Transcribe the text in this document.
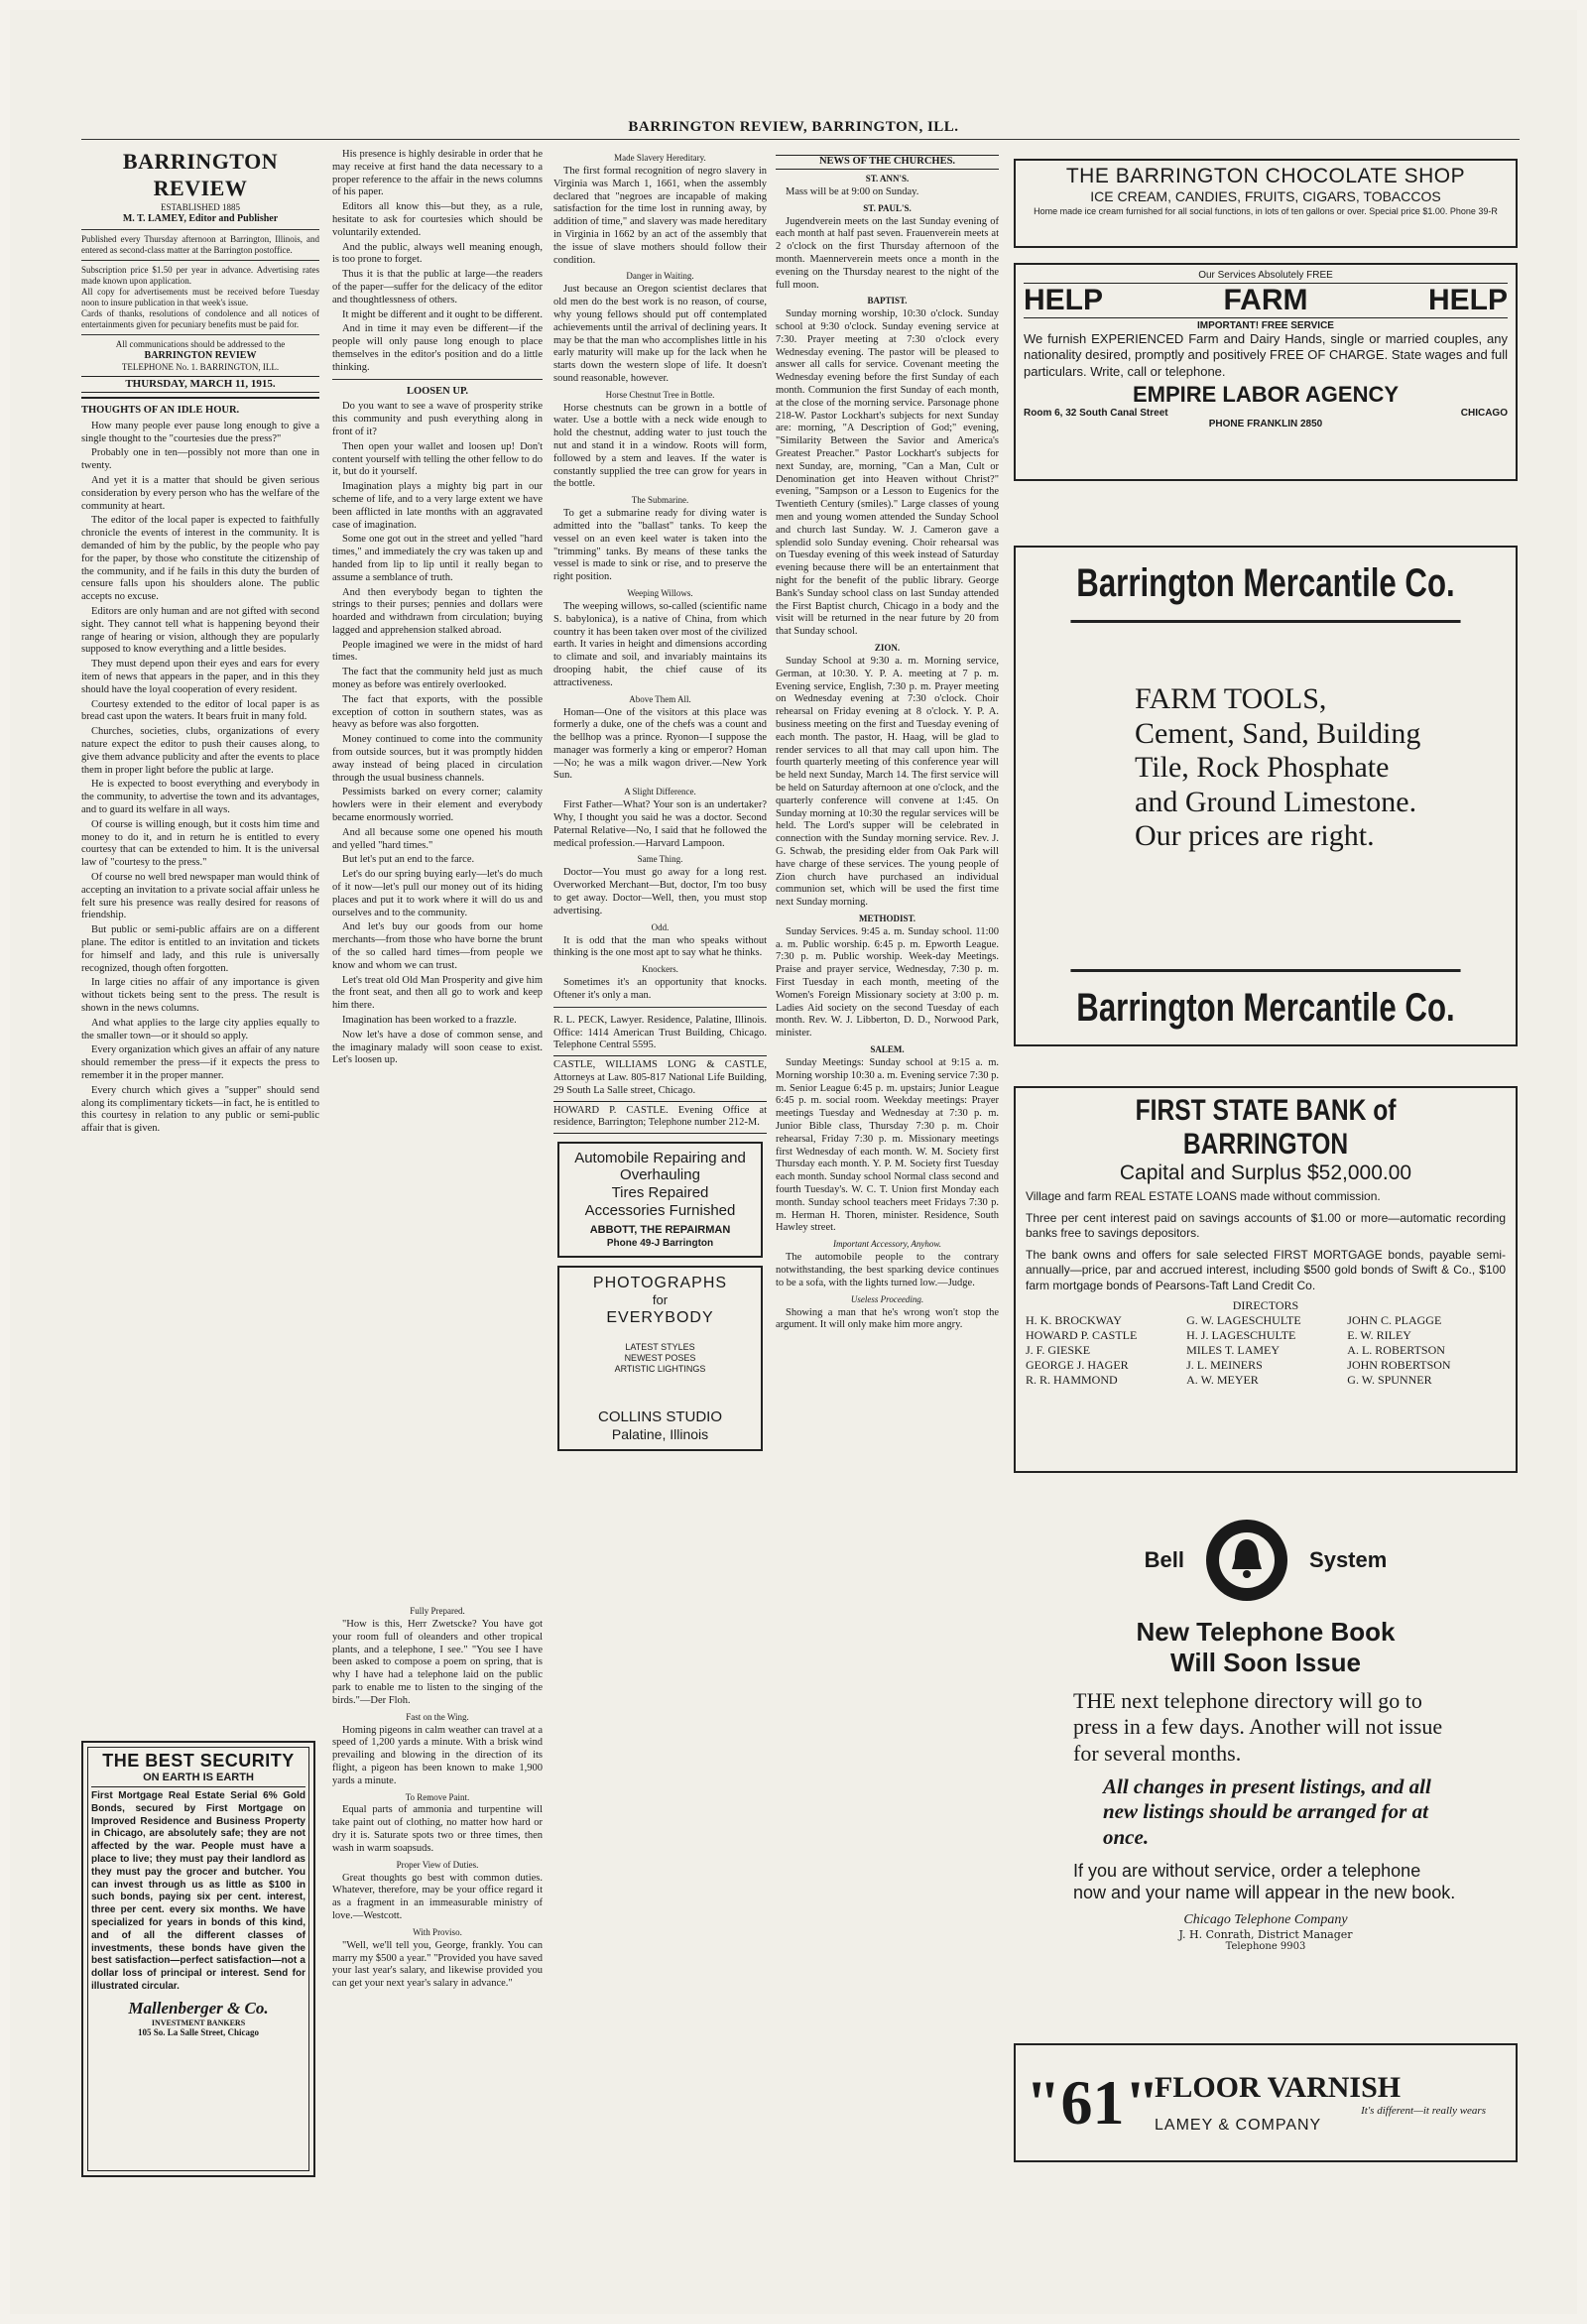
BARRINGTON REVIEW, BARRINGTON, ILL.
BARRINGTON REVIEW
ESTABLISHED 1885
M. T. LAMEY, Editor and Publisher
Published every Thursday afternoon at Barrington, Illinois, and entered as second-class matter at the Barrington postoffice.
Subscription price $1.50 per year in advance. Advertising rates made known upon application.
All copy for advertisements must be received before Tuesday noon to insure publication in that week's issue.
Cards of thanks, resolutions of condolence and all notices of entertainments given for pecuniary benefits must be paid for.
All communications should be addressed to the
BARRINGTON REVIEW
TELEPHONE No. 1. BARRINGTON, ILL.
THURSDAY, MARCH 11, 1915.
THOUGHTS OF AN IDLE HOUR.

How many people ever pause long enough to give a single thought to the "courtesies due the press?"

Probably one in ten—possibly not more than one in twenty.

And yet it is a matter that should be given serious consideration by every person who has the welfare of the community at heart.

The editor of the local paper is expected to faithfully chronicle the events of interest in the community. It is demanded of him by the public, by the people who pay for the paper, by those who constitute the citizenship of the community, and if he fails in this duty the burden of censure falls upon his shoulders alone. The public accepts no excuse.

Editors are only human and are not gifted with second sight. They cannot tell what is happening beyond their range of hearing or vision, although they are popularly supposed to know everything and a little besides.

They must depend upon their eyes and ears for every item of news that appears in the paper, and in this they should have the loyal cooperation of every resident.

Courtesy extended to the editor of local paper is as bread cast upon the waters. It bears fruit in many fold.

Churches, societies, clubs, organizations of every nature expect the editor to push their causes along, to give them advance publicity and after the events to place them in proper light before the public at large.

He is expected to boost everything and everybody in the community, to advertise the town and its advantages, and to guard its welfare in all ways.

Of course is willing enough, but it costs him time and money to do it, and in return he is entitled to every courtesy that can be extended to him. It is the universal law of "courtesy to the press."

Of course no well bred newspaper man would think of accepting an invitation to a private social affair unless he felt sure his presence was really desired for reasons of friendship.

But public or semi-public affairs are on a different plane. The editor is entitled to an invitation and tickets for himself and lady, and this rule is universally recognized, though often forgotten.

In large cities no affair of any importance is given without tickets being sent to the press. The result is shown in the news columns.

And what applies to the large city applies equally to the smaller town—or it should so apply.

Every organization which gives an affair of any nature should remember the press—if it expects the press to remember it in the proper manner.

Every church which gives a "supper" should send along its complimentary tickets—in fact, he is entitled to this courtesy in relation to any public or semi-public affair that is given.

THE BEST SECURITY
ON EARTH IS EARTH
First Mortgage Real Estate Serial 6% Gold Bonds, secured by First Mortgage on Improved Residence and Business Property in Chicago, are absolutely safe; they are not affected by the war. People must have a place to live; they must pay their landlord as they must pay the grocer and butcher. You can invest through us as little as $100 in such bonds, paying six per cent. interest, three per cent. every six months. We have specialized for years in bonds of this kind, and of all the different classes of investments, these bonds have given the best satisfaction—perfect satisfaction—not a dollar loss of principal or interest. Send for illustrated circular.
Mallenberger & Co.
INVESTMENT BANKERS
105 So. La Salle Street, Chicago

His presence is highly desirable in order that he may receive at first hand the data necessary to a proper reference to the affair in the news columns of his paper.

Editors all know this—but they, as a rule, hesitate to ask for courtesies which should be voluntarily extended.

And the public, always well meaning enough, is too prone to forget.

Thus it is that the public at large—the readers of the paper—suffer for the delicacy of the editor and thoughtlessness of others.

It might be different and it ought to be different.

And in time it may even be different—if the people will only pause long enough to place themselves in the editor's position and do a little thinking.

LOOSEN UP.

Do you want to see a wave of prosperity strike this community and push everything along in front of it?

Then open your wallet and loosen up! Don't content yourself with telling the other fellow to do it, but do it yourself.

Imagination plays a mighty big part in our scheme of life, and to a very large extent we have been afflicted in late months with an aggravated case of imagination.

Some one got out in the street and yelled "hard times," and immediately the cry was taken up and handed from lip to lip until it really began to assume a semblance of truth.

And then everybody began to tighten the strings to their purses; pennies and dollars were hoarded and withdrawn from circulation; buying lagged and apprehension stalked abroad.

People imagined we were in the midst of hard times.

The fact that the community held just as much money as before was entirely overlooked.

The fact that exports, with the possible exception of cotton in southern states, was as heavy as before was also forgotten.

Money continued to come into the community from outside sources, but it was promptly hidden away instead of being placed in circulation through the usual business channels.

Pessimists barked on every corner; calamity howlers were in their element and everybody became enormously worried.

And all because some one opened his mouth and yelled "hard times."

But let's put an end to the farce.

Let's do our spring buying early—let's do much of it now—let's pull our money out of its hiding places and put it to work where it will do us and ourselves and to the community.

And let's buy our goods from our home merchants—from those who have borne the brunt of the so called hard times—from people we know and whom we can trust.

Let's treat old Old Man Prosperity and give him the front seat, and then all go to work and keep him there.

Imagination has been worked to a frazzle.

Now let's have a dose of common sense, and the imaginary malady will soon cease to exist. Let's loosen up.

Made Slavery Hereditary.

The first formal recognition of negro slavery in Virginia was March 1, 1661, when the assembly declared that "negroes are incapable of making satisfaction for the time lost in running away, by addition of time," and slavery was made hereditary in Virginia in 1662 by an act of the assembly that the issue of slave mothers should follow their condition.

Danger in Waiting.

Just because an Oregon scientist declares that old men do the best work is no reason, of course, why young fellows should put off contemplated achievements until the arrival of declining years. It may be that the man who accomplishes little in his early maturity will make up for the lack when he starts down the western slope of life. It doesn't sound reasonable, however.

Horse Chestnut Tree in Bottle.

Horse chestnuts can be grown in a bottle of water. Use a bottle with a neck wide enough to hold the chestnut, adding water to just touch the nut and stand it in a window. Roots will form, followed by a stem and leaves. If the water is constantly supplied the tree can grow for years in the bottle.

The Submarine.

To get a submarine ready for diving water is admitted into the "ballast" tanks. To keep the vessel on an even keel water is taken into the "trimming" tanks. By means of these tanks the vessel is made to sink or rise, and to preserve the right position.

Weeping Willows.

The weeping willows, so-called (scientific name S. babylonica), is a native of China, from which country it has been taken over most of the civilized earth. It varies in height and dimensions according to climate and soil, and invariably maintains its drooping habit, the chief cause of its attractiveness.

Above Them All.

Homan—One of the visitors at this place was formerly a duke, one of the chefs was a count and the bellhop was a prince. Ryonon—I suppose the manager was formerly a king or emperor? Homan—No; he was a milk wagon driver.—New York Sun.

A Slight Difference.

First Father—What? Your son is an undertaker? Why, I thought you said he was a doctor. Second Paternal Relative—No, I said that he followed the medical profession.—Harvard Lampoon.

Same Thing.

Doctor—You must go away for a long rest. Overworked Merchant—But, doctor, I'm too busy to get away. Doctor—Well, then, you must stop advertising.

Odd.

It is odd that the man who speaks without thinking is the one most apt to say what he thinks.

Knockers.

Sometimes it's an opportunity that knocks. Oftener it's only a man.

R. L. PECK, Lawyer. Residence, Palatine, Illinois. Office: 1414 American Trust Building, Chicago. Telephone Central 5595.
CASTLE, WILLIAMS LONG & CASTLE, Attorneys at Law. 805-817 National Life Building, 29 South La Salle street, Chicago.
HOWARD P. CASTLE. Evening Office at residence, Barrington; Telephone number 212-M.
Automobile Repairing and Overhauling
Tires Repaired
Accessories Furnished
ABBOTT, THE REPAIRMAN
Phone 49-J Barrington
PHOTOGRAPHS
for
EVERYBODY
LATEST STYLES
NEWEST POSES
ARTISTIC LIGHTINGS
COLLINS STUDIO
Palatine, Illinois
Fully Prepared.

"How is this, Herr Zwetscke? You have got your room full of oleanders and other tropical plants, and a telephone, I see." "You see I have been asked to compose a poem on spring, that is why I have had a telephone laid on the public park to enable me to listen to the singing of the birds."—Der Floh.

Fast on the Wing.

Homing pigeons in calm weather can travel at a speed of 1,200 yards a minute. With a brisk wind prevailing and blowing in the direction of its flight, a pigeon has been known to make 1,900 yards a minute.

To Remove Paint.

Equal parts of ammonia and turpentine will take paint out of clothing, no matter how hard or dry it is. Saturate spots two or three times, then wash in warm soapsuds.

Proper View of Duties.

Great thoughts go best with common duties. Whatever, therefore, may be your office regard it as a fragment in an immeasurable ministry of love.—Westcott.

With Proviso.

"Well, we'll tell you, George, frankly. You can marry my $500 a year." "Provided you have saved your last year's salary, and likewise provided you can get your next year's salary in advance."

NEWS OF THE CHURCHES.
ST. ANN'S.

Mass will be at 9:00 on Sunday.

ST. PAUL'S.

Jugendverein meets on the last Sunday evening of each month at half past seven. Frauenverein meets at 2 o'clock on the first Thursday afternoon of the month. Maennerverein meets once a month in the evening on the Thursday nearest to the night of the full moon.

BAPTIST.

Sunday morning worship, 10:30 o'clock. Sunday school at 9:30 o'clock. Sunday evening service at 7:30. Prayer meeting at 7:30 o'clock every Wednesday evening. The pastor will be pleased to answer all calls for service. Covenant meeting the Wednesday evening before the first Sunday of each month. Communion the first Sunday of each month, at the close of the morning service. Parsonage phone 218-W. Pastor Lockhart's subjects for next Sunday are: morning, "A Description of God;" evening, "Similarity Between the Savior and America's Greatest Preacher." Pastor Lockhart's subjects for next Sunday, are, morning, "Can a Man, Cult or Denomination get into Heaven without Christ?" evening, "Sampson or a Lesson to Eugenics for the Twentieth Century (smiles)." Large classes of young men and young women attended the Sunday School and church last Sunday. W. J. Cameron gave a splendid solo Sunday evening. Choir rehearsal was on Tuesday evening of this week instead of Saturday evening because there will be an entertainment that night for the benefit of the public library. George Bank's Sunday school class on last Sunday attended the First Baptist church, Chicago in a body and the visit will be returned in the near future by 20 from that Sunday school.

ZION.

Sunday School at 9:30 a. m. Morning service, German, at 10:30. Y. P. A. meeting at 7 p. m. Evening service, English, 7:30 p. m. Prayer meeting on Wednesday evening at 7:30 o'clock. Choir rehearsal on Friday evening at 8 o'clock. Y. P. A. business meeting on the first and Tuesday evening of each month. The pastor, H. Haag, will be glad to render services to all that may call upon him. The fourth quarterly meeting of this conference year will be held next Sunday, March 14. The first service will be held on Saturday afternoon at one o'clock, and the quarterly conference will convene at 1:45. On Sunday morning at 10:30 the regular services will be held. The Lord's supper will be celebrated in connection with the Sunday morning service. Rev. J. G. Schwab, the presiding elder from Oak Park will have charge of these services. The young people of Zion church have purchased an individual communion set, which will be used the first time next Sunday morning.

METHODIST.

Sunday Services. 9:45 a. m. Sunday school. 11:00 a. m. Public worship. 6:45 p. m. Epworth League. 7:30 p. m. Public worship. Week-day Meetings. Praise and prayer service, Wednesday, 7:30 p. m. First Tuesday in each month, meeting of the Women's Foreign Missionary society at 3:00 p. m. Ladies Aid society on the second Tuesday of each month. Rev. W. J. Libberton, D. D., Norwood Park, minister.

SALEM.

Sunday Meetings: Sunday school at 9:15 a. m. Morning worship 10:30 a. m. Evening service 7:30 p. m. Senior League 6:45 p. m. upstairs; Junior League 6:45 p. m. social room. Weekday meetings: Prayer meetings Tuesday and Wednesday at 7:30 p. m. Junior Bible class, Thursday 7:30 p. m. Choir rehearsal, Friday 7:30 p. m. Missionary meetings first Wednesday of each month. W. M. Society first Thursday each month. Y. P. M. Society first Tuesday each month. Sunday school Normal class second and fourth Tuesday's. W. C. T. Union first Monday each month. Sunday school teachers meet Fridays 7:30 p. m. Herman H. Thoren, minister. Residence, South Hawley street.

Important Accessory, Anyhow.

The automobile people to the contrary notwithstanding, the best sparking device continues to be a sofa, with the lights turned low.—Judge.

Useless Proceeding.

Showing a man that he's wrong won't stop the argument. It will only make him more angry.

THE BARRINGTON CHOCOLATE SHOP
ICE CREAM, CANDIES, FRUITS, CIGARS, TOBACCOS
Home made ice cream furnished for all social functions, in lots of ten gallons or over. Special price $1.00. Phone 39-R
Our Services Absolutely FREE
HELP	FARM	HELP
IMPORTANT! FREE SERVICE
We furnish EXPERIENCED Farm and Dairy Hands, single or married couples, any nationality desired, promptly and positively FREE OF CHARGE. State wages and full particulars. Write, call or telephone.
EMPIRE LABOR AGENCY
Room 6, 32 South Canal Street	CHICAGO
PHONE FRANKLIN 2850
Barrington Mercantile Co.
FARM TOOLS, Cement, Sand, Building Tile, Rock Phosphate and Ground Limestone. Our prices are right.
Barrington Mercantile Co.
FIRST STATE BANK of BARRINGTON
Capital and Surplus $52,000.00
Village and farm REAL ESTATE LOANS made without commission.
Three per cent interest paid on savings accounts of $1.00 or more—automatic recording banks free to savings depositors.
The bank owns and offers for sale selected FIRST MORTGAGE bonds, payable semi-annually—price, par and accrued interest, including $500 gold bonds of Swift & Co., $100 farm mortgage bonds of Pearsons-Taft Land Credit Co.
DIRECTORS
H. K. BROCKWAY	G. W. LAGESCHULTE	JOHN C. PLAGGE
HOWARD P. CASTLE	H. J. LAGESCHULTE	E. W. RILEY
J. F. GIESKE	MILES T. LAMEY	A. L. ROBERTSON
GEORGE J. HAGER	J. L. MEINERS	JOHN ROBERTSON
R. R. HAMMOND	A. W. MEYER	G. W. SPUNNER
Bell	System
New Telephone Book
Will Soon Issue
THE next telephone directory will go to press in a few days. Another will not issue for several months.
All changes in present listings, and all new listings should be arranged for at once.
If you are without service, order a telephone now and your name will appear in the new book.
Chicago Telephone Company
J. H. Conrath, District Manager
Telephone 9903
"61"
FLOOR VARNISH
It's different—it really wears
LAMEY & COMPANY
